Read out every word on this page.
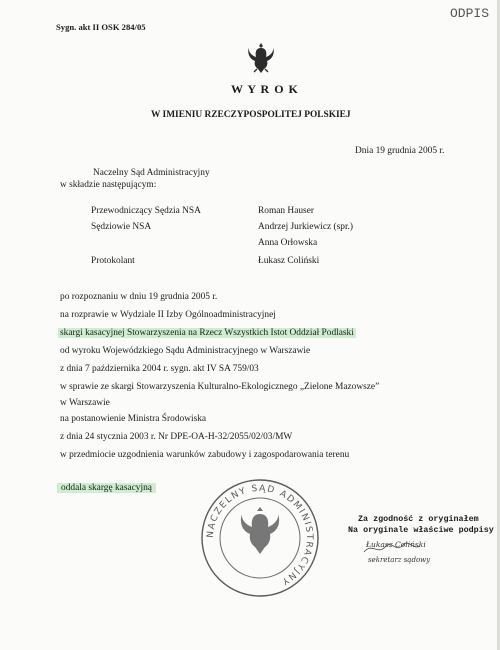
Sygn. akt II OSK 284/05
ODPIS
W Y R O K
W IMIENIU RZECZYPOSPOLITEJ POLSKIEJ
Dnia 19 grudnia 2005 r.
Naczelny Sąd Administracyjny
w składzie następującym:
Przewodniczący Sędzia NSA	Roman Hauser
Sędziowie NSA	Andrzej Jurkiewicz (spr.)
Anna Orłowska
Protokolant	Łukasz Coliński
po rozpoznaniu w dniu 19 grudnia 2005 r.
na rozprawie w Wydziale II Izby Ogólnoadministracyjnej
skargi kasacyjnej Stowarzyszenia na Rzecz Wszystkich Istot Oddział Podlaski
od wyroku Wojewódzkiego Sądu Administracyjnego w Warszawie
z dnia 7 października 2004 r. sygn. akt IV SA 759/03
w sprawie ze skargi Stowarzyszenia Kulturalno-Ekologicznego „Zielone Mazowsze”
w Warszawie
na postanowienie Ministra Środowiska
z dnia 24 stycznia 2003 r. Nr DPE-OA-H-32/2055/02/03/MW
w przedmiocie uzgodnienia warunków zabudowy i zagospodarowania terenu
oddala skargę kasacyjną
NACZELNY SĄD ADMINISTRACYJNY
Za zgodność z oryginałem
Na oryginale właściwe podpisy
Łukasz Coliński
sekretarz sądowy
